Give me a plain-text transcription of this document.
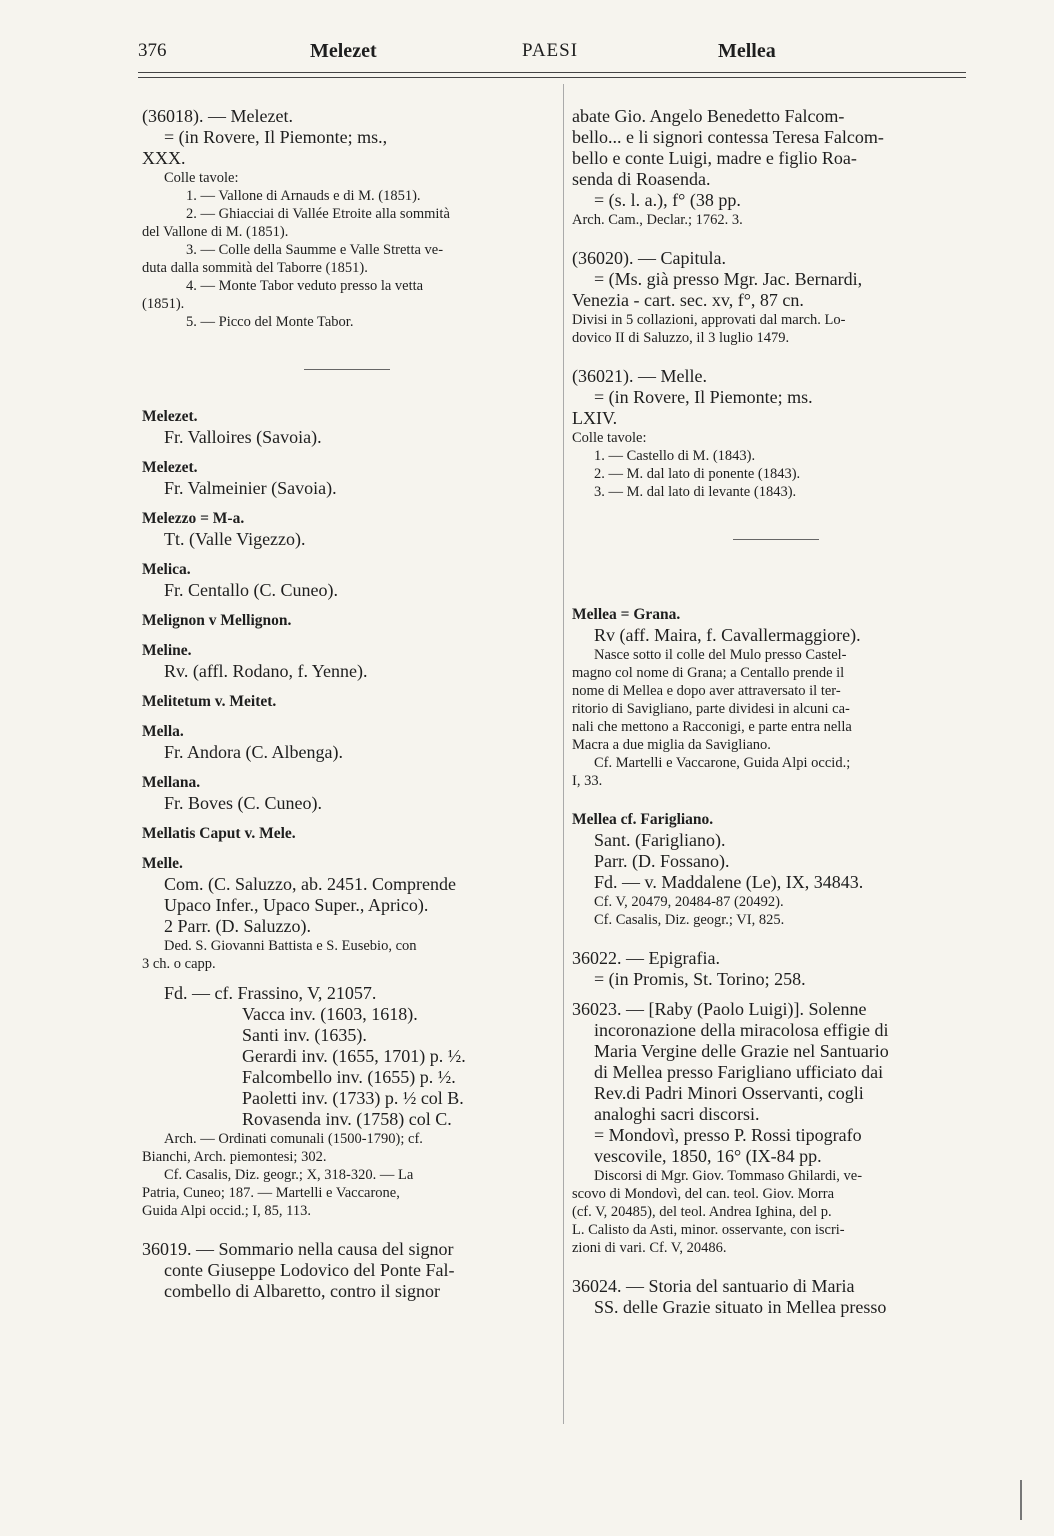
376	Melezet	PAESI	Mellea
(36018). — Melezet.
= (in Rovere, Il Piemonte; ms.,
XXX.
Colle tavole:
1. — Vallone di Arnauds e di M. (1851).
2. — Ghiacciai di Vallée Etroite alla sommità
del Vallone di M. (1851).
3. — Colle della Saumme e Valle Stretta ve-
duta dalla sommità del Taborre (1851).
4. — Monte Tabor veduto presso la vetta
(1851).
5. — Picco del Monte Tabor.
Melezet.
Fr. Valloires (Savoia).
Melezet.
Fr. Valmeinier (Savoia).
Melezzo = M-a.
Tt. (Valle Vigezzo).
Melica.
Fr. Centallo (C. Cuneo).
Melignon v Mellignon.
Meline.
Rv. (affl. Rodano, f. Yenne).
Melitetum v. Meitet.
Mella.
Fr. Andora (C. Albenga).
Mellana.
Fr. Boves (C. Cuneo).
Mellatis Caput v. Mele.
Melle.
Com. (C. Saluzzo, ab. 2451. Comprende
Upaco Infer., Upaco Super., Aprico).
2 Parr. (D. Saluzzo).
Ded. S. Giovanni Battista e S. Eusebio, con
3 ch. o capp.
Fd. — cf. Frassino, V, 21057.
Vacca inv. (1603, 1618).
Santi inv. (1635).
Gerardi inv. (1655, 1701) p. ½.
Falcombello inv. (1655) p. ½.
Paoletti inv. (1733) p. ½ col B.
Rovasenda inv. (1758) col C.
Arch. — Ordinati comunali (1500-1790); cf.
Bianchi, Arch. piemontesi; 302.
Cf. Casalis, Diz. geogr.; X, 318-320. — La
Patria, Cuneo; 187. — Martelli e Vaccarone,
Guida Alpi occid.; I, 85, 113.
36019. — Sommario nella causa del signor
conte Giuseppe Lodovico del Ponte Fal-
combello di Albaretto, contro il signor
abate Gio. Angelo Benedetto Falcom-
bello... e li signori contessa Teresa Falcom-
bello e conte Luigi, madre e figlio Roa-
senda di Roasenda.
= (s. l. a.), f° (38 pp.
Arch. Cam., Declar.; 1762. 3.
(36020). — Capitula.
= (Ms. già presso Mgr. Jac. Bernardi,
Venezia - cart. sec. xv, f°, 87 cn.
Divisi in 5 collazioni, approvati dal march. Lo-
dovico II di Saluzzo, il 3 luglio 1479.
(36021). — Melle.
= (in Rovere, Il Piemonte; ms.
LXIV.
Colle tavole:
1. — Castello di M. (1843).
2. — M. dal lato di ponente (1843).
3. — M. dal lato di levante (1843).
Mellea = Grana.
Rv (aff. Maira, f. Cavallermaggiore).
Nasce sotto il colle del Mulo presso Castel-
magno col nome di Grana; a Centallo prende il
nome di Mellea e dopo aver attraversato il ter-
ritorio di Savigliano, parte dividesi in alcuni ca-
nali che mettono a Racconigi, e parte entra nella
Macra a due miglia da Savigliano.
Cf. Martelli e Vaccarone, Guida Alpi occid.;
I, 33.
Mellea cf. Farigliano.
Sant. (Farigliano).
Parr. (D. Fossano).
Fd. — v. Maddalene (Le), IX, 34843.
Cf. V, 20479, 20484-87 (20492).
Cf. Casalis, Diz. geogr.; VI, 825.
36022. — Epigrafia.
= (in Promis, St. Torino; 258.
36023. — [Raby (Paolo Luigi)]. Solenne
incoronazione della miracolosa effigie di
Maria Vergine delle Grazie nel Santuario
di Mellea presso Farigliano ufficiato dai
Rev.di Padri Minori Osservanti, cogli
analoghi sacri discorsi.
= Mondovì, presso P. Rossi tipografo
vescovile, 1850, 16° (IX-84 pp.
Discorsi di Mgr. Giov. Tommaso Ghilardi, ve-
scovo di Mondovì, del can. teol. Giov. Morra
(cf. V, 20485), del teol. Andrea Ighina, del p.
L. Calisto da Asti, minor. osservante, con iscri-
zioni di vari. Cf. V, 20486.
36024. — Storia del santuario di Maria
SS. delle Grazie situato in Mellea presso
